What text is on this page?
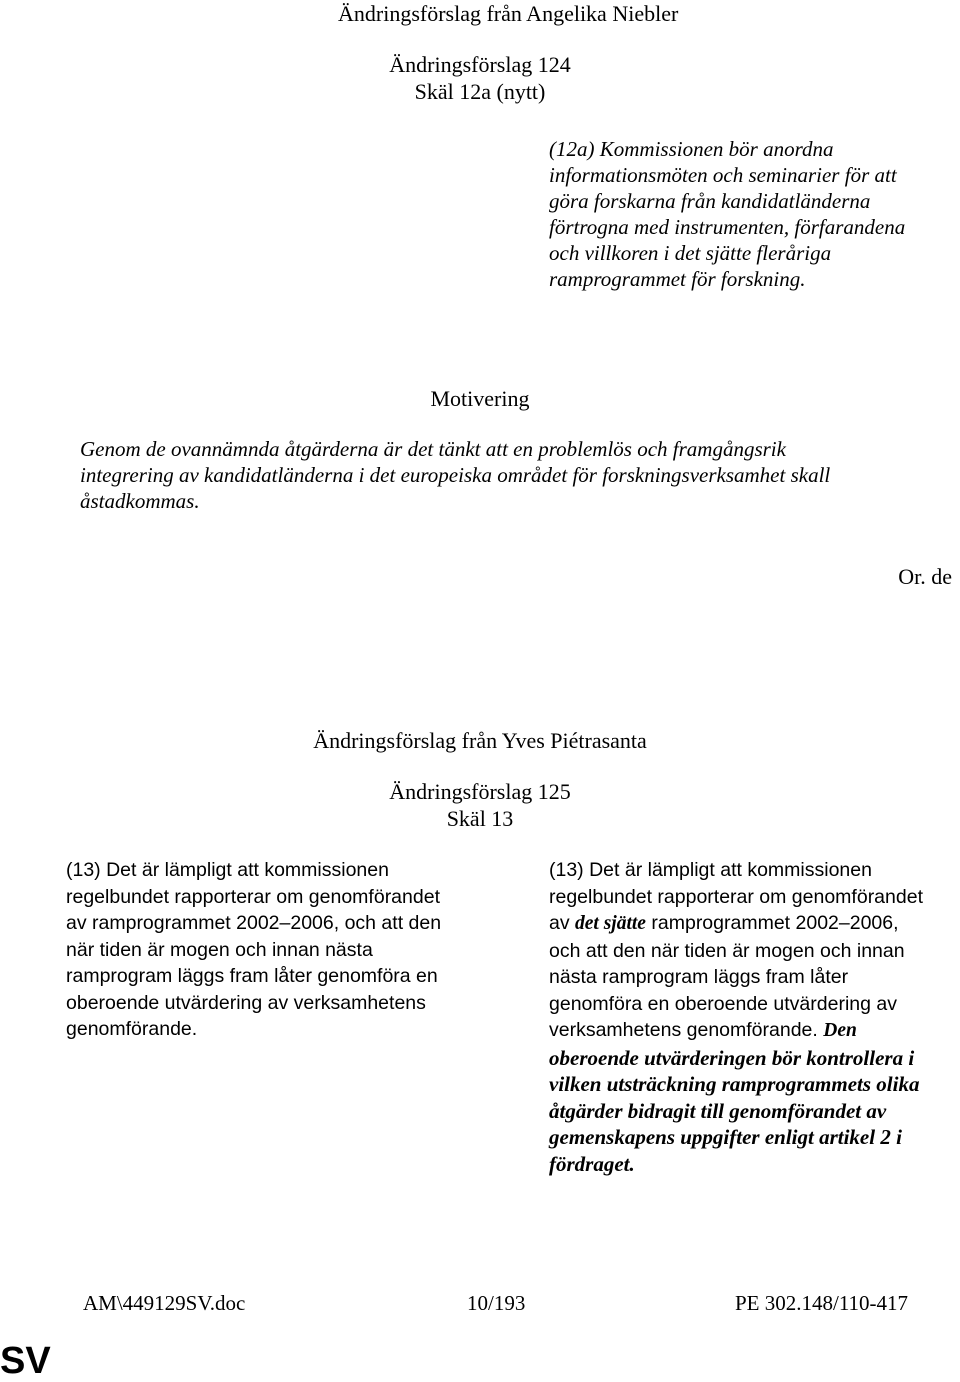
Ändringsförslag från Angelika Niebler
Ändringsförslag 124
Skäl 12a (nytt)
(12a) Kommissionen bör anordna
informationsmöten och seminarier för att
göra forskarna från kandidatländerna
förtrogna med instrumenten, förfarandena
och villkoren i det sjätte fleråriga
ramprogrammet för forskning.
Motivering
Genom de ovannämnda åtgärderna är det tänkt att en problemlös och framgångsrik
integrering av kandidatländerna i det europeiska området för forskningsverksamhet skall
åstadkommas.
Or. de
Ändringsförslag från Yves Piétrasanta
Ändringsförslag 125
Skäl 13
(13) Det är lämpligt att kommissionen
regelbundet rapporterar om genomförandet
av ramprogrammet 2002–2006, och att den
när tiden är mogen och innan nästa
ramprogram läggs fram låter genomföra en
oberoende utvärdering av verksamhetens
genomförande.
(13) Det är lämpligt att kommissionen
regelbundet rapporterar om genomförandet
av det sjätte ramprogrammet 2002–2006,
och att den när tiden är mogen och innan
nästa ramprogram läggs fram låter
genomföra en oberoende utvärdering av
verksamhetens genomförande. Den
oberoende utvärderingen bör kontrollera i
vilken utsträckning ramprogrammets olika
åtgärder bidragit till genomförandet av
gemenskapens uppgifter enligt artikel 2 i
fördraget.
AM\449129SV.doc	10/193	PE 302.148/110-417
SV
